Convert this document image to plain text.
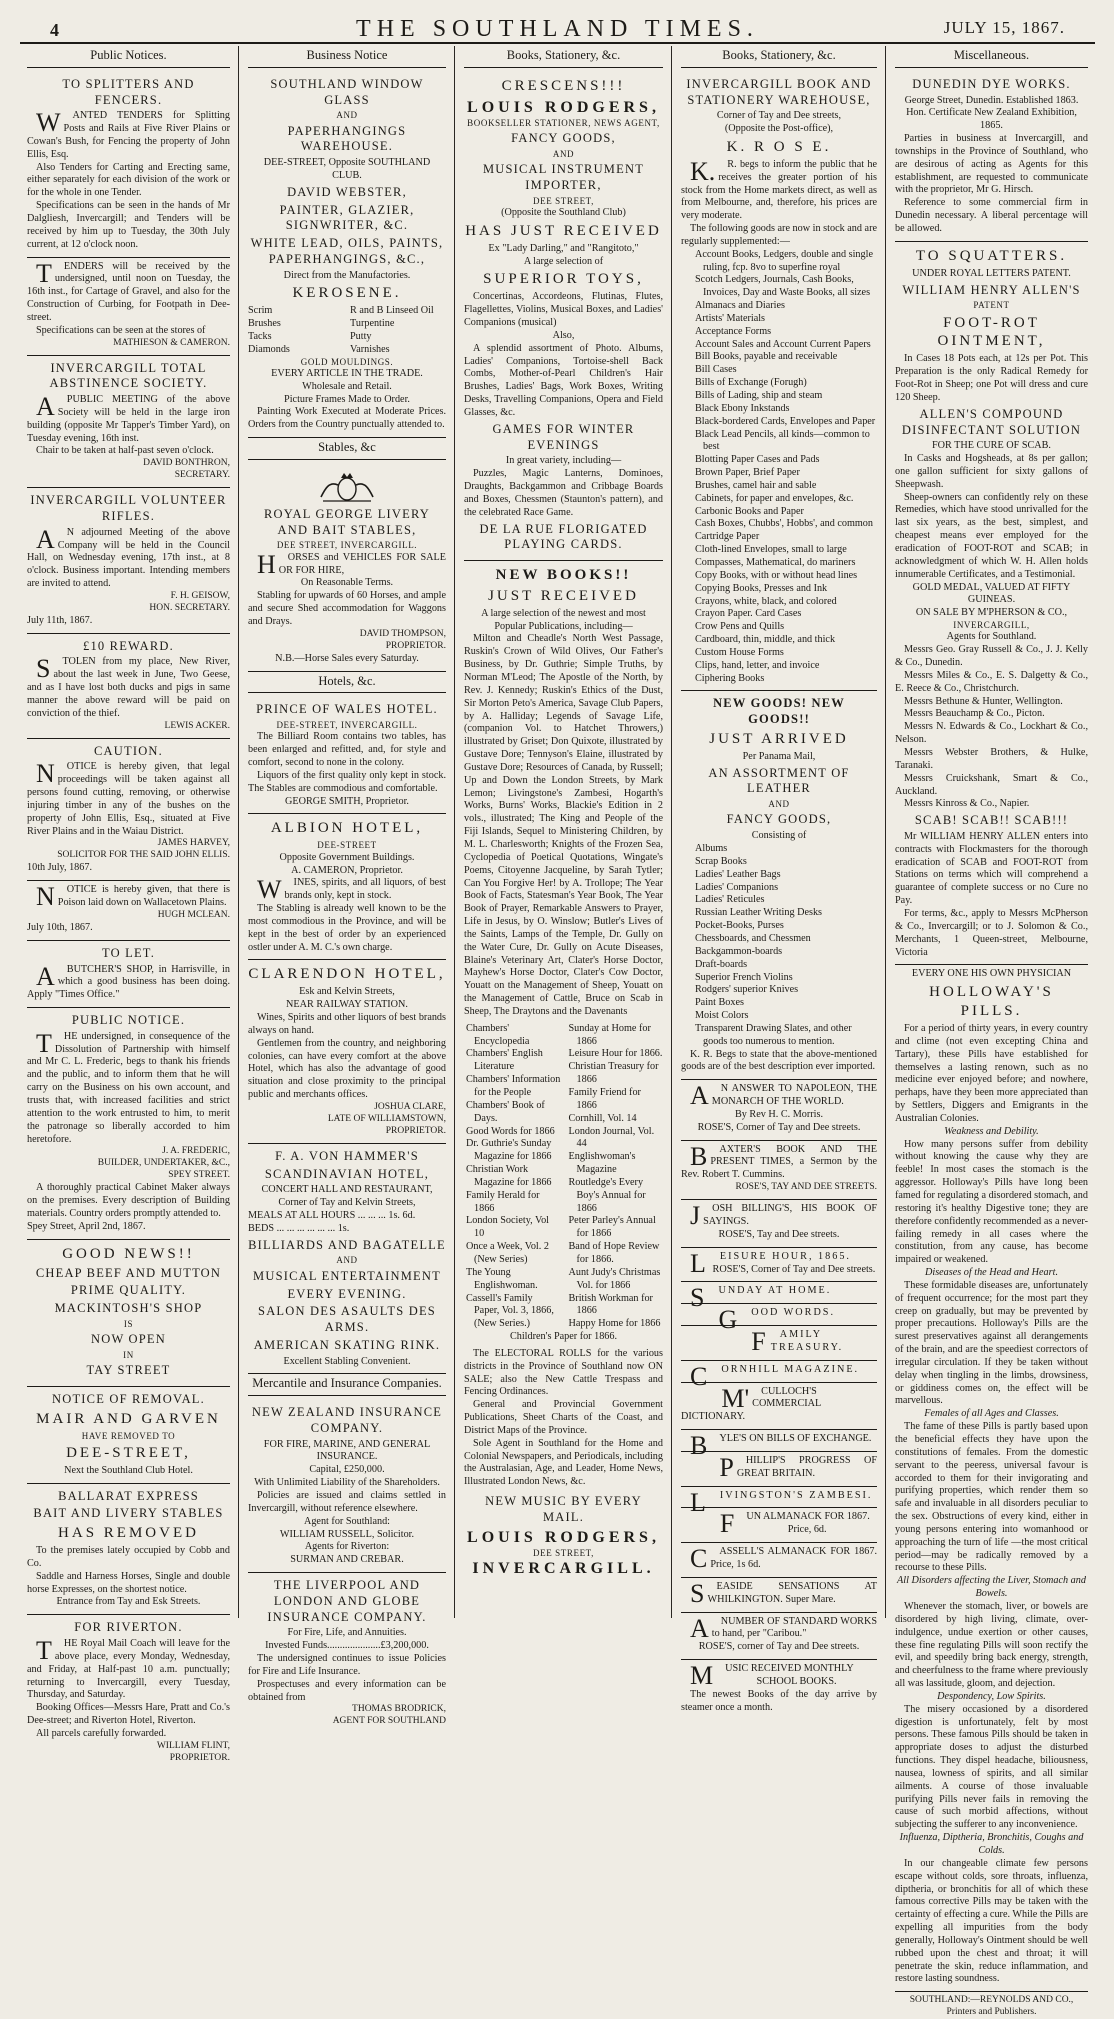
4	THE SOUTHLAND TIMES.	JULY 15, 1867.
Public Notices.
TO SPLITTERS AND FENCERS.

WANTED TENDERS for Splitting Posts and Rails at Five River Plains or Cowan's Bush, for Fencing the property of John Ellis, Esq.

Also Tenders for Carting and Erecting same, either separately for each division of the work or for the whole in one Tender.

Specifications can be seen in the hands of Mr Dalgliesh, Invercargill; and Tenders will be received by him up to Tuesday, the 30th July current, at 12 o'clock noon.

TENDERS will be received by the undersigned, until noon on Tuesday, the 16th inst., for Cartage of Gravel, and also for the Construction of Curbing, for Footpath in Dee-street.

Specifications can be seen at the stores of

MATHIESON & CAMERON.
INVERCARGILL TOTAL ABSTINENCE SOCIETY.

APUBLIC MEETING of the above Society will be held in the large iron building (opposite Mr Tapper's Timber Yard), on Tuesday evening, 16th inst.

Chair to be taken at half-past seven o'clock.

DAVID BONTHRON,
SECRETARY.
INVERCARGILL VOLUNTEER RIFLES.

AN adjourned Meeting of the above Company will be held in the Council Hall, on Wednesday evening, 17th inst., at 8 o'clock. Business important. Intending members are invited to attend.

F. H. GEISOW,
HON. SECRETARY.
July 11th, 1867.
£10 REWARD.

STOLEN from my place, New River, about the last week in June, Two Geese, and as I have lost both ducks and pigs in same manner the above reward will be paid on conviction of the thief.

LEWIS ACKER.
CAUTION.

NOTICE is hereby given, that legal proceedings will be taken against all persons found cutting, removing, or otherwise injuring timber in any of the bushes on the property of John Ellis, Esq., situated at Five River Plains and in the Waiau District.

JAMES HARVEY,
SOLICITOR FOR THE SAID JOHN ELLIS.
10th July, 1867.

NOTICE is hereby given, that there is Poison laid down on Wallacetown Plains.

HUGH MCLEAN.
July 10th, 1867.
TO LET.

ABUTCHER'S SHOP, in Harrisville, in which a good business has been doing. Apply "Times Office."

PUBLIC NOTICE.

THE undersigned, in consequence of the Dissolution of Partnership with himself and Mr C. L. Frederic, begs to thank his friends and the public, and to inform them that he will carry on the Business on his own account, and trusts that, with increased facilities and strict attention to the work entrusted to him, to merit the patronage so liberally accorded to him heretofore.

J. A. FREDERIC,
BUILDER, UNDERTAKER, &C.,
SPEY STREET.

A thoroughly practical Cabinet Maker always on the premises. Every description of Building materials. Country orders promptly attended to.

Spey Street, April 2nd, 1867.
GOOD NEWS!!
CHEAP BEEF AND MUTTON
PRIME QUALITY.
MACKINTOSH'S SHOP
IS
NOW OPEN
IN
TAY STREET
NOTICE OF REMOVAL.
MAIR AND GARVEN
HAVE REMOVED TO
DEE-STREET,
Next the Southland Club Hotel.
BALLARAT EXPRESS
BAIT AND LIVERY STABLES
HAS REMOVED

To the premises lately occupied by Cobb and Co.

Saddle and Harness Horses, Single and double horse Expresses, on the shortest notice.

Entrance from Tay and Esk Streets.
FOR RIVERTON.

THE Royal Mail Coach will leave for the above place, every Monday, Wednesday, and Friday, at Half-past 10 a.m. punctually; returning to Invercargill, every Tuesday, Thursday, and Saturday.

Booking Offices—Messrs Hare, Pratt and Co.'s Dee-street; and Riverton Hotel, Riverton.

All parcels carefully forwarded.

WILLIAM FLINT,
PROPRIETOR.
Business Notice
SOUTHLAND WINDOW GLASS
AND
PAPERHANGINGS WAREHOUSE.
DEE-STREET, Opposite SOUTHLAND CLUB.
DAVID WEBSTER,
PAINTER, GLAZIER, SIGNWRITER, &C.
WHITE LEAD, OILS, PAINTS, PAPERHANGINGS, &C.,
Direct from the Manufactories.
KEROSENE.
Scrim
Brushes
Tacks
Diamonds
R and B Linseed Oil
Turpentine
Putty
Varnishes
GOLD MOULDINGS.
EVERY ARTICLE IN THE TRADE.
Wholesale and Retail.
Picture Frames Made to Order.

Painting Work Executed at Moderate Prices. Orders from the Country punctually attended to.

Stables, &c
ROYAL GEORGE LIVERY AND BAIT STABLES,
DEE STREET, INVERCARGILL.

HORSES and VEHICLES FOR SALE OR FOR HIRE,

On Reasonable Terms.

Stabling for upwards of 60 Horses, and ample and secure Shed accommodation for Waggons and Drays.

DAVID THOMPSON,
PROPRIETOR.
N.B.—Horse Sales every Saturday.
Hotels, &c.
PRINCE OF WALES HOTEL.
DEE-STREET, INVERCARGILL.

The Billiard Room contains two tables, has been enlarged and refitted, and, for style and comfort, second to none in the colony.

Liquors of the first quality only kept in stock. The Stables are commodious and comfortable.

GEORGE SMITH, Proprietor.
ALBION HOTEL,
DEE-STREET
Opposite Government Buildings.
A. CAMERON, Proprietor.

WINES, spirits, and all liquors, of best brands only, kept in stock.

The Stabling is already well known to be the most commodious in the Province, and will be kept in the best of order by an experienced ostler under A. M. C.'s own charge.

CLARENDON HOTEL,
Esk and Kelvin Streets,
NEAR RAILWAY STATION.

Wines, Spirits and other liquors of best brands always on hand.

Gentlemen from the country, and neighboring colonies, can have every comfort at the above Hotel, which has also the advantage of good situation and close proximity to the principal public and merchants offices.

JOSHUA CLARE,
LATE OF WILLIAMSTOWN,
PROPRIETOR.
F. A. VON HAMMER'S
SCANDINAVIAN HOTEL,
CONCERT HALL AND RESTAURANT,
Corner of Tay and Kelvin Streets,
MEALS AT ALL HOURS ... ... ... 1s. 6d.
BEDS ... ... ... ... ... ... 1s.
BILLIARDS AND BAGATELLE
AND
MUSICAL ENTERTAINMENT
EVERY EVENING.
SALON DES ASAULTS DES ARMS.
AMERICAN SKATING RINK.
Excellent Stabling Convenient.
Mercantile and Insurance Companies.
NEW ZEALAND INSURANCE COMPANY.
FOR FIRE, MARINE, AND GENERAL INSURANCE.
Capital, £250,000.
With Unlimited Liability of the Shareholders.

Policies are issued and claims settled in Invercargill, without reference elsewhere.

Agent for Southland:
WILLIAM RUSSELL, Solicitor.
Agents for Riverton:
SURMAN AND CREBAR.
THE LIVERPOOL AND LONDON AND GLOBE INSURANCE COMPANY.
For Fire, Life, and Annuities.
Invested Funds.....................£3,200,000.

The undersigned continues to issue Policies for Fire and Life Insurance.

Prospectuses and every information can be obtained from

THOMAS BRODRICK,
AGENT FOR SOUTHLAND
Books, Stationery, &c.
CRESCENS!!!
LOUIS RODGERS,
BOOKSELLER STATIONER, NEWS AGENT,
FANCY GOODS,
AND
MUSICAL INSTRUMENT IMPORTER,
DEE STREET,
(Opposite the Southland Club)
HAS JUST RECEIVED
Ex "Lady Darling," and "Rangitoto,"
A large selection of
SUPERIOR TOYS,

Concertinas, Accordeons, Flutinas, Flutes, Flagellettes, Violins, Musical Boxes, and Ladies' Companions (musical)

Also,

A splendid assortment of Photo. Albums, Ladies' Companions, Tortoise-shell Back Combs, Mother-of-Pearl Children's Hair Brushes, Ladies' Bags, Work Boxes, Writing Desks, Travelling Companions, Opera and Field Glasses, &c.

GAMES FOR WINTER EVENINGS
In great variety, including—

Puzzles, Magic Lanterns, Dominoes, Draughts, Backgammon and Cribbage Boards and Boxes, Chessmen (Staunton's pattern), and the celebrated Race Game.

DE LA RUE FLORIGATED PLAYING CARDS.
NEW BOOKS!!
JUST RECEIVED
A large selection of the newest and most
Popular Publications, including—

Milton and Cheadle's North West Passage, Ruskin's Crown of Wild Olives, Our Father's Business, by Dr. Guthrie; Simple Truths, by Norman M'Leod; The Apostle of the North, by Rev. J. Kennedy; Ruskin's Ethics of the Dust, Sir Morton Peto's America, Savage Club Papers, by A. Halliday; Legends of Savage Life, (companion Vol. to Hatchet Throwers,) illustrated by Griset; Don Quixote, illustrated by Gustave Dore; Tennyson's Elaine, illustrated by Gustave Dore; Resources of Canada, by Russell; Up and Down the London Streets, by Mark Lemon; Livingstone's Zambesi, Hogarth's Works, Burns' Works, Blackie's Edition in 2 vols., illustrated; The King and People of the Fiji Islands, Sequel to Ministering Children, by M. L. Charlesworth; Knights of the Frozen Sea, Cyclopedia of Poetical Quotations, Wingate's Poems, Citoyenne Jacqueline, by Sarah Tytler; Can You Forgive Her! by A. Trollope; The Year Book of Facts, Statesman's Year Book, The Year Book of Prayer, Remarkable Answers to Prayer, Life in Jesus, by O. Winslow; Butler's Lives of the Saints, Lamps of the Temple, Dr. Gully on the Water Cure, Dr. Gully on Acute Diseases, Blaine's Veterinary Art, Clater's Horse Doctor, Mayhew's Horse Doctor, Clater's Cow Doctor, Youatt on the Management of Sheep, Youatt on the Management of Cattle, Bruce on Scab in Sheep, The Draytons and the Davenants

Chambers' Encyclopedia
Chambers' English Literature
Chambers' Information for the People
Chambers' Book of Days.
Good Words for 1866
Dr. Guthrie's Sunday Magazine for 1866
Christian Work Magazine for 1866
Family Herald for 1866
London Society, Vol 10
Once a Week, Vol. 2 (New Series)
The Young Englishwoman.
Cassell's Family Paper, Vol. 3, 1866, (New Series.)
Sunday at Home for 1866
Leisure Hour for 1866.
Christian Treasury for 1866
Family Friend for 1866
Cornhill, Vol. 14
London Journal, Vol. 44
Englishwoman's Magazine
Routledge's Every Boy's Annual for 1866
Peter Parley's Annual for 1866
Band of Hope Review for 1866.
Aunt Judy's Christmas Vol. for 1866
British Workman for 1866
Happy Home for 1866
Children's Paper for 1866.

The ELECTORAL ROLLS for the various districts in the Province of Southland now ON SALE; also the New Cattle Trespass and Fencing Ordinances.

General and Provincial Government Publications, Sheet Charts of the Coast, and District Maps of the Province.

Sole Agent in Southland for the Home and Colonial Newspapers, and Periodicals, including the Australasian, Age, and Leader, Home News, Illustrated London News, &c.

NEW MUSIC BY EVERY MAIL.
LOUIS RODGERS,
DEE STREET,
INVERCARGILL.
Books, Stationery, &c.
INVERCARGILL BOOK AND STATIONERY WAREHOUSE,
Corner of Tay and Dee streets,
(Opposite the Post-office),
K. R O S E.

K.R. begs to inform the public that he receives the greater portion of his stock from the Home markets direct, as well as from Melbourne, and, therefore, his prices are very moderate.

The following goods are now in stock and are regularly supplemented:—

Account Books, Ledgers, double and single ruling, fcp. 8vo to superfine royal
Scotch Ledgers, Journals, Cash Books, Invoices, Day and Waste Books, all sizes
Almanacs and Diaries
Artists' Materials
Acceptance Forms
Account Sales and Account Current Papers
Bill Books, payable and receivable
Bill Cases
Bills of Exchange (Forugh)
Bills of Lading, ship and steam
Black Ebony Inkstands
Black-bordered Cards, Envelopes and Paper
Black Lead Pencils, all kinds—common to best
Blotting Paper Cases and Pads
Brown Paper, Brief Paper
Brushes, camel hair and sable
Cabinets, for paper and envelopes, &c.
Carbonic Books and Paper
Cash Boxes, Chubbs', Hobbs', and common
Cartridge Paper
Cloth-lined Envelopes, small to large
Compasses, Mathematical, do mariners
Copy Books, with or without head lines
Copying Books, Presses and Ink
Crayons, white, black, and colored
Crayon Paper. Card Cases
Crow Pens and Quills
Cardboard, thin, middle, and thick
Custom House Forms
Clips, hand, letter, and invoice
Ciphering Books
NEW GOODS! NEW GOODS!!
JUST ARRIVED
Per Panama Mail,
AN ASSORTMENT OF LEATHER
AND
FANCY GOODS,
Consisting of
Albums
Scrap Books
Ladies' Leather Bags
Ladies' Companions
Ladies' Reticules
Russian Leather Writing Desks
Pocket-Books, Purses
Chessboards, and Chessmen
Backgammon-boards
Draft-boards
Superior French Violins
Rodgers' superior Knives
Paint Boxes
Moist Colors
Transparent Drawing Slates, and other goods too numerous to mention.

K. R. Begs to state that the above-mentioned goods are of the best description ever imported.

AN ANSWER TO NAPOLEON, THE MONARCH OF THE WORLD.

By Rev H. C. Morris.
ROSE'S, Corner of Tay and Dee streets.

BAXTER'S BOOK AND THE PRESENT TIMES, a Sermon by the Rev. Robert T. Cummins.

ROSE'S, TAY AND DEE STREETS.

JOSH BILLING'S, HIS BOOK OF SAYINGS.

ROSE'S, Tay and Dee streets.

LEISURE HOUR, 1865.

ROSE'S, Corner of Tay and Dee streets.

SUNDAY AT HOME.

GOOD WORDS.

FAMILY TREASURY.

CORNHILL MAGAZINE.

M'CULLOCH'S COMMERCIAL DICTIONARY.

BYLE'S ON BILLS OF EXCHANGE.

PHILLIP'S PROGRESS OF GREAT BRITAIN.

LIVINGSTON'S ZAMBESI.

FUN ALMANACK FOR 1867.

Price, 6d.

CASSELL'S ALMANACK FOR 1867. Price, 1s 6d.

SEASIDE SENSATIONS AT WHILKINGTON. Super Mare.

ANUMBER OF STANDARD WORKS to hand, per "Caribou."

ROSE'S, corner of Tay and Dee streets.

MUSIC RECEIVED MONTHLY

SCHOOL BOOKS.

The newest Books of the day arrive by steamer once a month.

Miscellaneous.
DUNEDIN DYE WORKS.
George Street, Dunedin. Established 1863.
Hon. Certificate New Zealand Exhibition, 1865.

Parties in business at Invercargill, and townships in the Province of Southland, who are desirous of acting as Agents for this establishment, are requested to communicate with the proprietor, Mr G. Hirsch.

Reference to some commercial firm in Dunedin necessary. A liberal percentage will be allowed.

TO SQUATTERS.
UNDER ROYAL LETTERS PATENT.
WILLIAM HENRY ALLEN'S
PATENT
FOOT-ROT OINTMENT,

In Cases 18 Pots each, at 12s per Pot. This Preparation is the only Radical Remedy for Foot-Rot in Sheep; one Pot will dress and cure 120 Sheep.

ALLEN'S COMPOUND DISINFECTANT SOLUTION
FOR THE CURE OF SCAB.

In Casks and Hogsheads, at 8s per gallon; one gallon sufficient for sixty gallons of Sheepwash.

Sheep-owners can confidently rely on these Remedies, which have stood unrivalled for the last six years, as the best, simplest, and cheapest means ever employed for the eradication of FOOT-ROT and SCAB; in acknowledgment of which W. H. Allen holds innumerable Certificates, and a Testimonial.

GOLD MEDAL, VALUED AT FIFTY GUINEAS.
ON SALE BY M'PHERSON & CO.,
INVERCARGILL,
Agents for Southland.

Messrs Geo. Gray Russell & Co., J. J. Kelly & Co., Dunedin.

Messrs Miles & Co., E. S. Dalgetty & Co., E. Reece & Co., Christchurch.

Messrs Bethune & Hunter, Wellington.

Messrs Beauchamp & Co., Picton.

Messrs N. Edwards & Co., Lockhart & Co., Nelson.

Messrs Webster Brothers, & Hulke, Taranaki.

Messrs Cruickshank, Smart & Co., Auckland.

Messrs Kinross & Co., Napier.

SCAB! SCAB!! SCAB!!!

Mr WILLIAM HENRY ALLEN enters into contracts with Flockmasters for the thorough eradication of SCAB and FOOT-ROT from Stations on terms which will comprehend a guarantee of complete success or no Cure no Pay.

For terms, &c., apply to Messrs McPherson & Co., Invercargill; or to J. Solomon & Co., Merchants, 1 Queen-street, Melbourne, Victoria

EVERY ONE HIS OWN PHYSICIAN
HOLLOWAY'S PILLS.

For a period of thirty years, in every country and clime (not even excepting China and Tartary), these Pills have established for themselves a lasting renown, such as no medicine ever enjoyed before; and nowhere, perhaps, have they been more appreciated than by Settlers, Diggers and Emigrants in the Australian Colonies.

Weakness and Debility.

How many persons suffer from debility without knowing the cause why they are feeble! In most cases the stomach is the aggressor. Holloway's Pills have long been famed for regulating a disordered stomach, and restoring it's healthy Digestive tone; they are therefore confidently recommended as a never-failing remedy in all cases where the constitution, from any cause, has become impaired or weakened.

Diseases of the Head and Heart.

These formidable diseases are, unfortunately of frequent occurrence; for the most part they creep on gradually, but may be prevented by proper precautions. Holloway's Pills are the surest preservatives against all derangements of the brain, and are the speediest correctors of irregular circulation. If they be taken without delay when tingling in the limbs, drowsiness, or giddiness comes on, the effect will be marvellous.

Females of all Ages and Classes.

The fame of these Pills is partly based upon the beneficial effects they have upon the constitutions of females. From the domestic servant to the peeress, universal favour is accorded to them for their invigorating and purifying properties, which render them so safe and invaluable in all disorders peculiar to the sex. Obstructions of every kind, either in young persons entering into womanhood or approaching the turn of life —the most critical period—may be radically removed by a recourse to these Pills.

All Disorders affecting the Liver, Stomach and Bowels.

Whenever the stomach, liver, or bowels are disordered by high living, climate, over-indulgence, undue exertion or other causes, these fine regulating Pills will soon rectify the evil, and speedily bring back energy, strength, and cheerfulness to the frame where previously all was lassitude, gloom, and dejection.

Despondency, Low Spirits.

The misery occasioned by a disordered digestion is unfortunately, felt by most persons. These famous Pills should be taken in appropriate doses to adjust the disturbed functions. They dispel headache, biliousness, nausea, lowness of spirits, and all similar ailments. A course of those invaluable purifying Pills never fails in removing the cause of such morbid affections, without subjecting the sufferer to any inconvenience.

Influenza, Diptheria, Bronchitis, Coughs and Colds.

In our changeable climate few persons escape without colds, sore throats, influenza, diptheria, or bronchitis for all of which these famous corrective Pills may be taken with the certainty of effecting a cure. While the Pills are expelling all impurities from the body generally, Holloway's Ointment should be well rubbed upon the chest and throat; it will penetrate the skin, reduce inflammation, and restore lasting soundness.

SOUTHLAND:—REYNOLDS AND CO., Printers and Publishers.
